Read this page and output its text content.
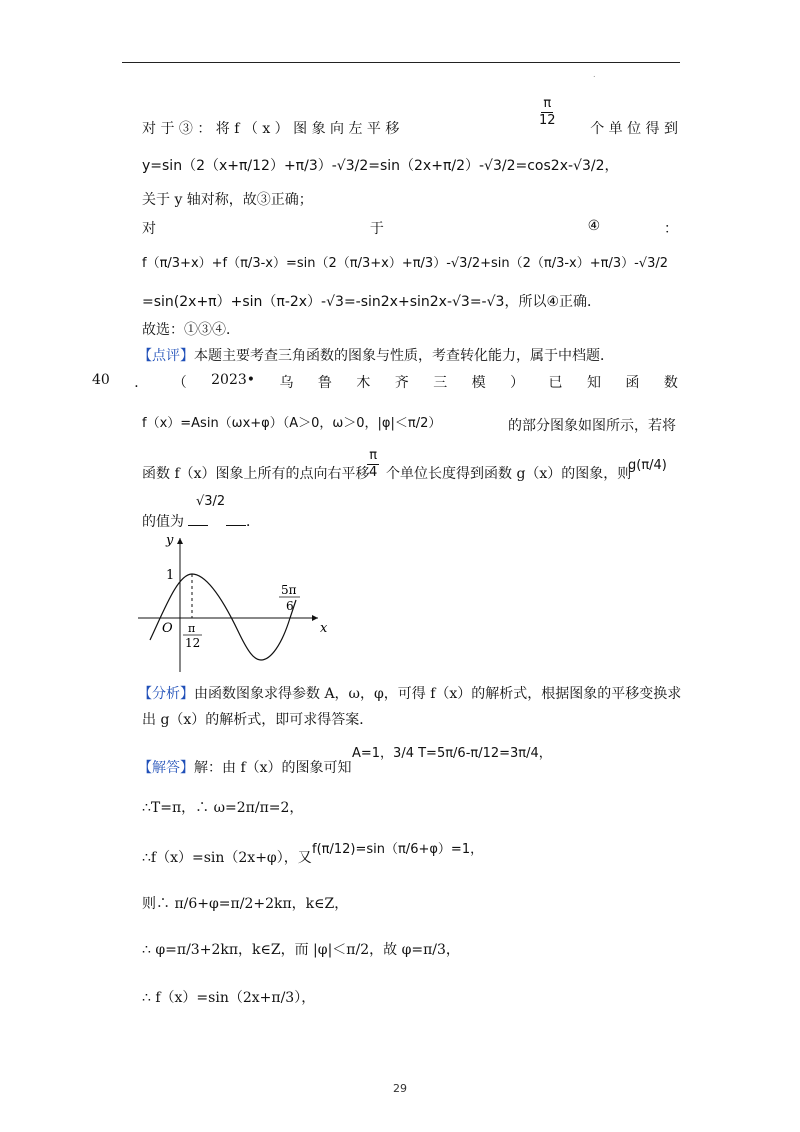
.
$\frac{\pi}{12}$
对 于 ③ ： 将 f （ x ） 图 象 向 左 平 移	个 单 位 得 到
y=sin（2（x+π/12）+π/3）-√3/2=sin（2x+π/2）-√3/2=cos2x-√3/2，
关于 y 轴对称，故③正确；
对	于	④	：
f（π/3+x）+f（π/3-x）=sin（2（π/3+x）+π/3）-√3/2+sin（2（π/3-x）+π/3）-√3/2
=sin(2x+π）+sin（π-2x）-√3=-sin2x+sin2x-√3=-√3，所以④正确．
故选：①③④．
【点评】本题主要考查三角函数的图象与性质，考查转化能力，属于中档题．
40 ． （ 2023• 乌 鲁 木 齐 三 模 ） 已 知 函 数
f（x）=Asin（ωx+φ）（A＞0，ω＞0，|φ|＜π/2）	的部分图象如图所示，若将
函数 f（x）图象上所有的点向右平移
$\frac{\pi}{4}$ 个单位长度得到函数 g（x）的图象，则
g(π/4)
的值为
√3/2
．
y
x
O
1
π
12
5π
6
【分析】由函数图象求得参数 A，ω，φ，可得 f（x）的解析式，根据图象的平移变换求
出 g（x）的解析式，即可求得答案．
【解答】解：由 f（x）的图象可知
A=1，3/4 T=5π/6-π/12=3π/4，
∴T=π，∴ ω=2π/π=2，
∴f（x）=sin（2x+φ），又
f(π/12)=sin（π/6+φ）=1，
则∴ π/6+φ=π/2+2kπ，k∈Z，
∴ φ=π/3+2kπ，k∈Z，而 |φ|＜π/2，故 φ=π/3，
∴ f（x）=sin（2x+π/3），
29
